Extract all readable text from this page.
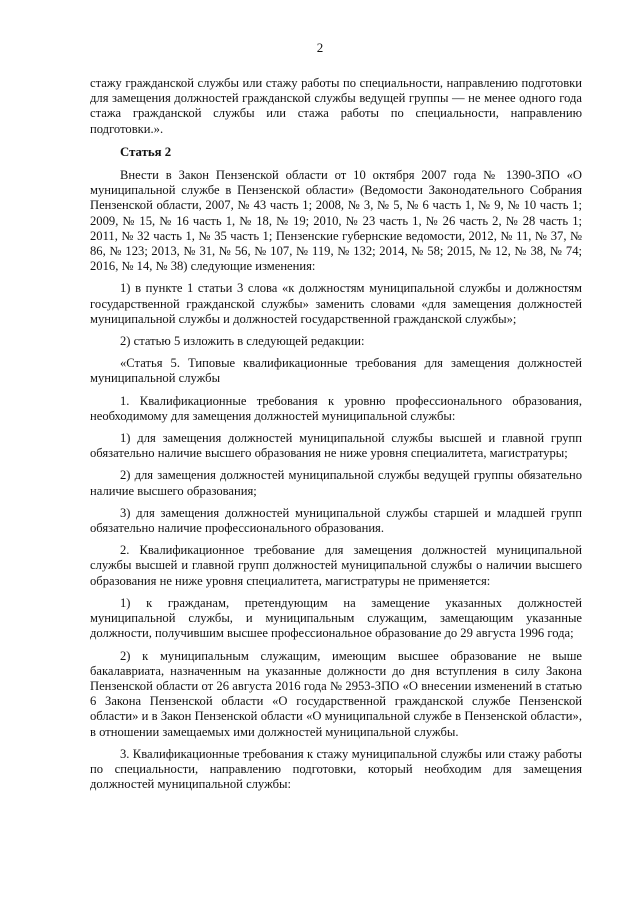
2

стажу гражданской службы или стажу работы по специальности, направлению подготовки для замещения должностей гражданской службы ведущей группы — не менее одного года стажа гражданской службы или стажа работы по специальности, направлению подготовки.».

Статья 2

Внести в Закон Пензенской области от 10 октября 2007 года № 1390-ЗПО «О муниципальной службе в Пензенской области» (Ведомости Законодательного Собрания Пензенской области, 2007, № 43 часть 1; 2008, № 3, № 5, № 6 часть 1, № 9, № 10 часть 1; 2009, № 15, № 16 часть 1, № 18, № 19; 2010, № 23 часть 1, № 26 часть 2, № 28 часть 1; 2011, № 32 часть 1, № 35 часть 1; Пензенские губернские ведомости, 2012, № 11, № 37, № 86, № 123; 2013, № 31, № 56, № 107, № 119, № 132; 2014, № 58; 2015, № 12, № 38, № 74; 2016, № 14, № 38) следующие изменения:

1) в пункте 1 статьи 3 слова «к должностям муниципальной службы и должностям государственной гражданской службы» заменить словами «для замещения должностей муниципальной службы и должностей государственной гражданской службы»;

2) статью 5 изложить в следующей редакции:

«Статья 5. Типовые квалификационные требования для замещения должностей муниципальной службы

1. Квалификационные требования к уровню профессионального образования, необходимому для замещения должностей муниципальной службы:

1) для замещения должностей муниципальной службы высшей и главной групп обязательно наличие высшего образования не ниже уровня специалитета, магистратуры;

2) для замещения должностей муниципальной службы ведущей группы обязательно наличие высшего образования;

3) для замещения должностей муниципальной службы старшей и младшей групп обязательно наличие профессионального образования.

2. Квалификационное требование для замещения должностей муниципальной службы высшей и главной групп должностей муниципальной службы о наличии высшего образования не ниже уровня специалитета, магистратуры не применяется:

1) к гражданам, претендующим на замещение указанных должностей муниципальной службы, и муниципальным служащим, замещающим указанные должности, получившим высшее профессиональное образование до 29 августа 1996 года;

2) к муниципальным служащим, имеющим высшее образование не выше бакалавриата, назначенным на указанные должности до дня вступления в силу Закона Пензенской области от 26 августа 2016 года № 2953-ЗПО «О внесении изменений в статью 6 Закона Пензенской области «О государственной гражданской службе Пензенской области» и в Закон Пензенской области «О муниципальной службе в Пензенской области», в отношении замещаемых ими должностей муниципальной службы.

3. Квалификационные требования к стажу муниципальной службы или стажу работы по специальности, направлению подготовки, который необходим для замещения должностей муниципальной службы:
